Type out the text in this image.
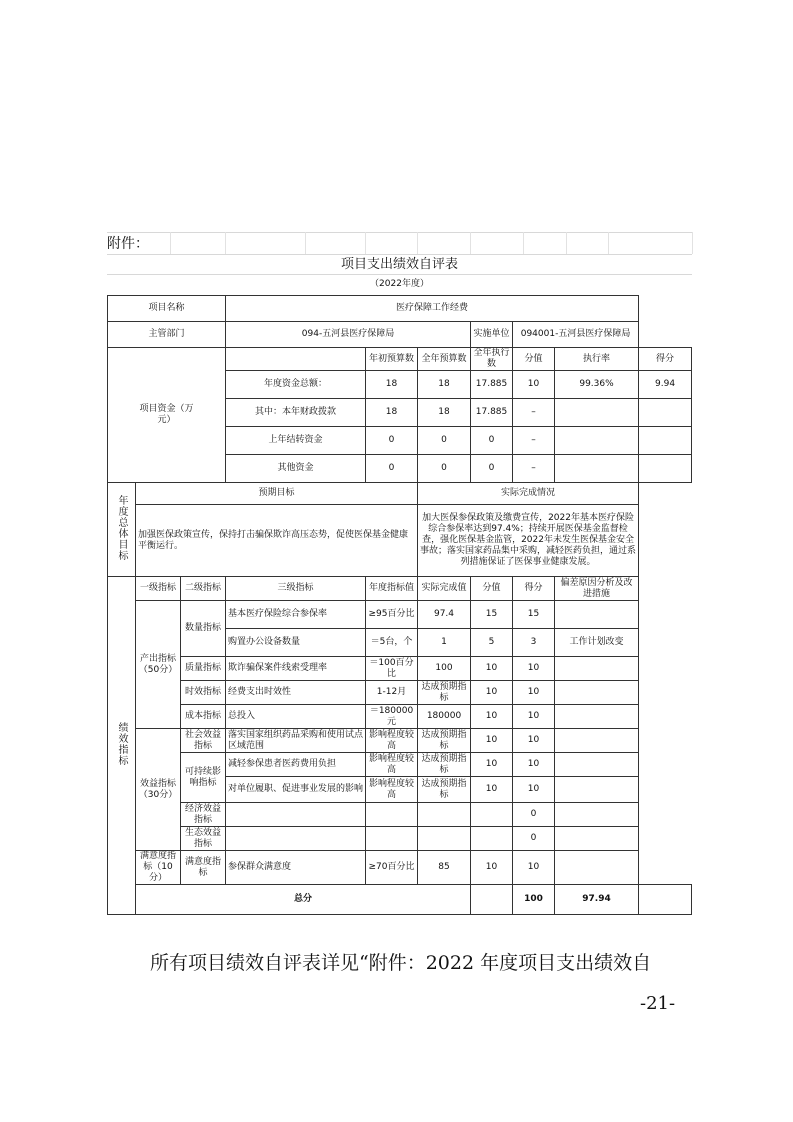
附件：
项目支出绩效自评表
（2022年度）
项目名称			医疗保障工作经费						
主管部门			094-五河县医疗保障局			实施单位	094001-五河县医疗保障局		
项目资金（万元）				年初预算数	全年预算数	全年执行数	分值	执行率	得分
			年度资金总额：	18	18	17.885	10	99.36%	9.94
			其中：本年财政拨款	18	18	17.885	–		
			上年结转资金	0	0	0	–		
			其他资金	0	0	0	–		
年度总体目标	预期目标				实际完成情况				
	加强医保政策宣传，保持打击骗保欺诈高压态势，促使医保基金健康平衡运行。				加大医保参保政策及缴费宣传，2022年基本医疗保险综合参保率达到97.4%；持续开展医保基金监督检查，强化医保基金监管，2022年未发生医保基金安全事故；落实国家药品集中采购，减轻医药负担，通过系列措施保证了医保事业健康发展。				
绩效指标	一级指标	二级指标	三级指标	年度指标值	实际完成值	分值	得分	偏差原因分析及改进措施	
	产出指标（50分）	数量指标	基本医疗保险综合参保率	≥95百分比	97.4	15	15		
			购置办公设备数量	＝5台，个	1	5	3	工作计划改变	
		质量指标	欺诈骗保案件线索受理率	＝100百分比	100	10	10		
		时效指标	经费支出时效性	1-12月	达成预期指标	10	10		
		成本指标	总投入	＝180000元	180000	10	10		
	效益指标（30分）	社会效益指标	落实国家组织药品采购和使用试点区域范围	影响程度较高	达成预期指标	10	10		
		可持续影响指标	减轻参保患者医药费用负担	影响程度较高	达成预期指标	10	10		
			对单位履职、促进事业发展的影响	影响程度较高	达成预期指标	10	10		
		经济效益指标					0		
		生态效益指标					0		
	满意度指标（10分）	满意度指标	参保群众满意度	≥70百分比	85	10	10		
	总分						100	97.94	
所有项目绩效自评表详见“附件：2022 年度项目支出绩效自
-21-
